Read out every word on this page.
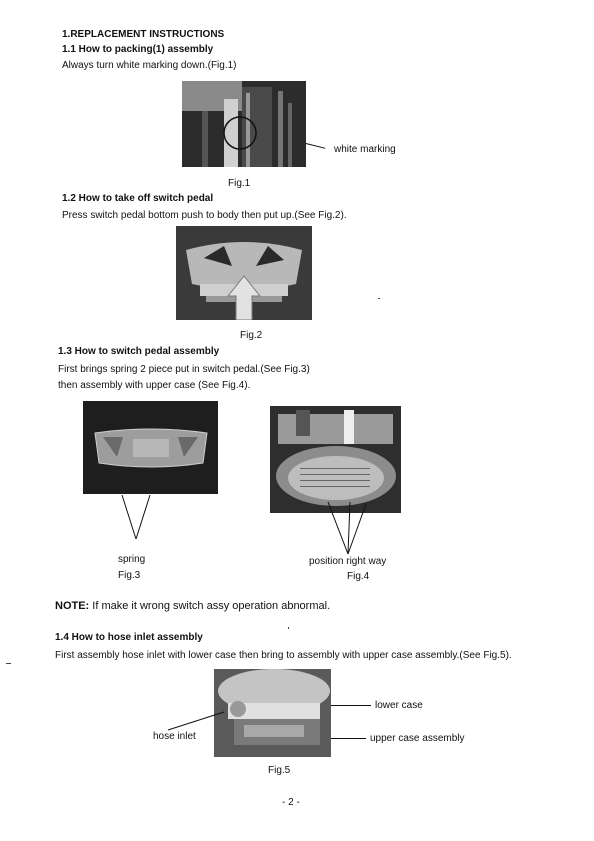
1.REPLACEMENT INSTRUCTIONS
1.1 How to packing(1) assembly
Always turn white marking down.(Fig.1)
white marking
Fig.1
1.2 How to take off switch pedal
Press switch pedal bottom push to body then put up.(See Fig.2).
Fig.2
1.3 How to switch pedal assembly
First brings spring 2 piece put in switch pedal.(See Fig.3)
then assembly with upper case (See Fig.4).
spring
Fig.3
position right way
Fig.4
NOTE: If make it wrong switch assy operation abnormal.
1.4 How to hose inlet assembly
First assembly hose inlet with lower case then bring to assembly with upper case assembly.(See Fig.5).
lower case
hose inlet	upper case assembly
Fig.5
- 2 -
